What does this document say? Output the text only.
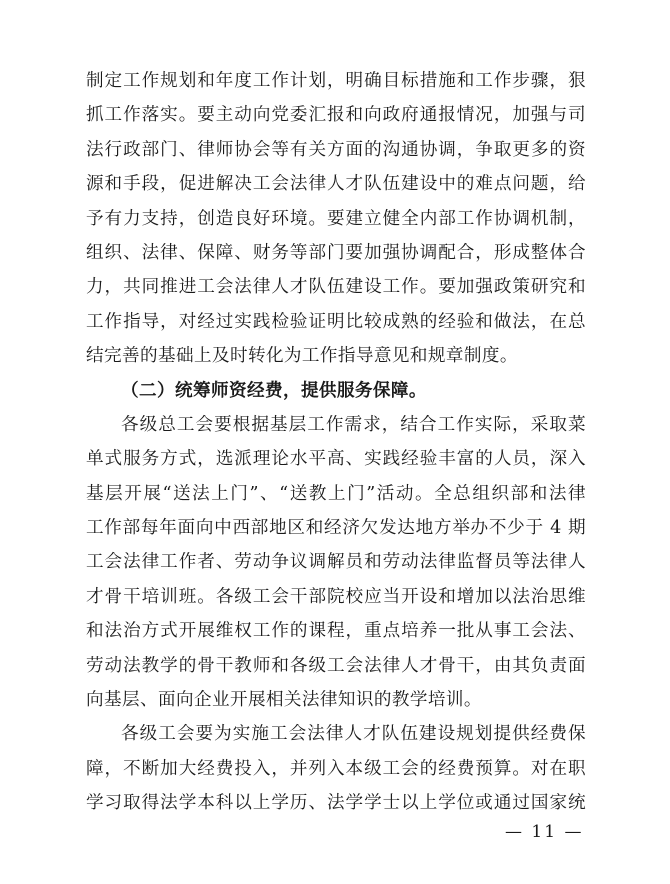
制定工作规划和年度工作计划，明确目标措施和工作步骤，狠
抓工作落实。要主动向党委汇报和向政府通报情况，加强与司
法行政部门、律师协会等有关方面的沟通协调，争取更多的资
源和手段，促进解决工会法律人才队伍建设中的难点问题，给
予有力支持，创造良好环境。要建立健全内部工作协调机制，
组织、法律、保障、财务等部门要加强协调配合，形成整体合
力，共同推进工会法律人才队伍建设工作。要加强政策研究和
工作指导，对经过实践检验证明比较成熟的经验和做法，在总
结完善的基础上及时转化为工作指导意见和规章制度。
（二）统筹师资经费，提供服务保障。
各级总工会要根据基层工作需求，结合工作实际，采取菜
单式服务方式，选派理论水平高、实践经验丰富的人员，深入
基层开展“送法上门”、“送教上门”活动。全总组织部和法律
工作部每年面向中西部地区和经济欠发达地方举办不少于 4 期
工会法律工作者、劳动争议调解员和劳动法律监督员等法律人
才骨干培训班。各级工会干部院校应当开设和增加以法治思维
和法治方式开展维权工作的课程，重点培养一批从事工会法、
劳动法教学的骨干教师和各级工会法律人才骨干，由其负责面
向基层、面向企业开展相关法律知识的教学培训。
各级工会要为实施工会法律人才队伍建设规划提供经费保
障，不断加大经费投入，并列入本级工会的经费预算。对在职
学习取得法学本科以上学历、法学学士以上学位或通过国家统
— 11 —
